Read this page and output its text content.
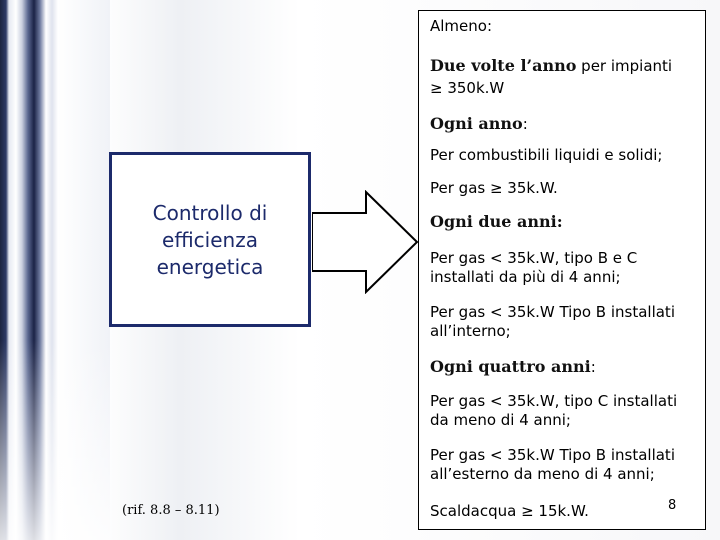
Controllo di
efficienza
energetica
Almeno:
Due volte l’anno per impianti
≥ 350k.W
Ogni anno:
Per combustibili liquidi e solidi;
Per gas ≥ 35k.W.
Ogni due anni:
Per gas < 35k.W, tipo B e C
installati da più di 4 anni;
Per gas < 35k.W Tipo B installati
all’interno;
Ogni quattro anni:
Per gas < 35k.W, tipo C installati
da meno di 4 anni;
Per gas < 35k.W Tipo B installati
all’esterno da meno di 4 anni;
Scaldacqua ≥ 15k.W.
(rif. 8.8 – 8.11)	8
